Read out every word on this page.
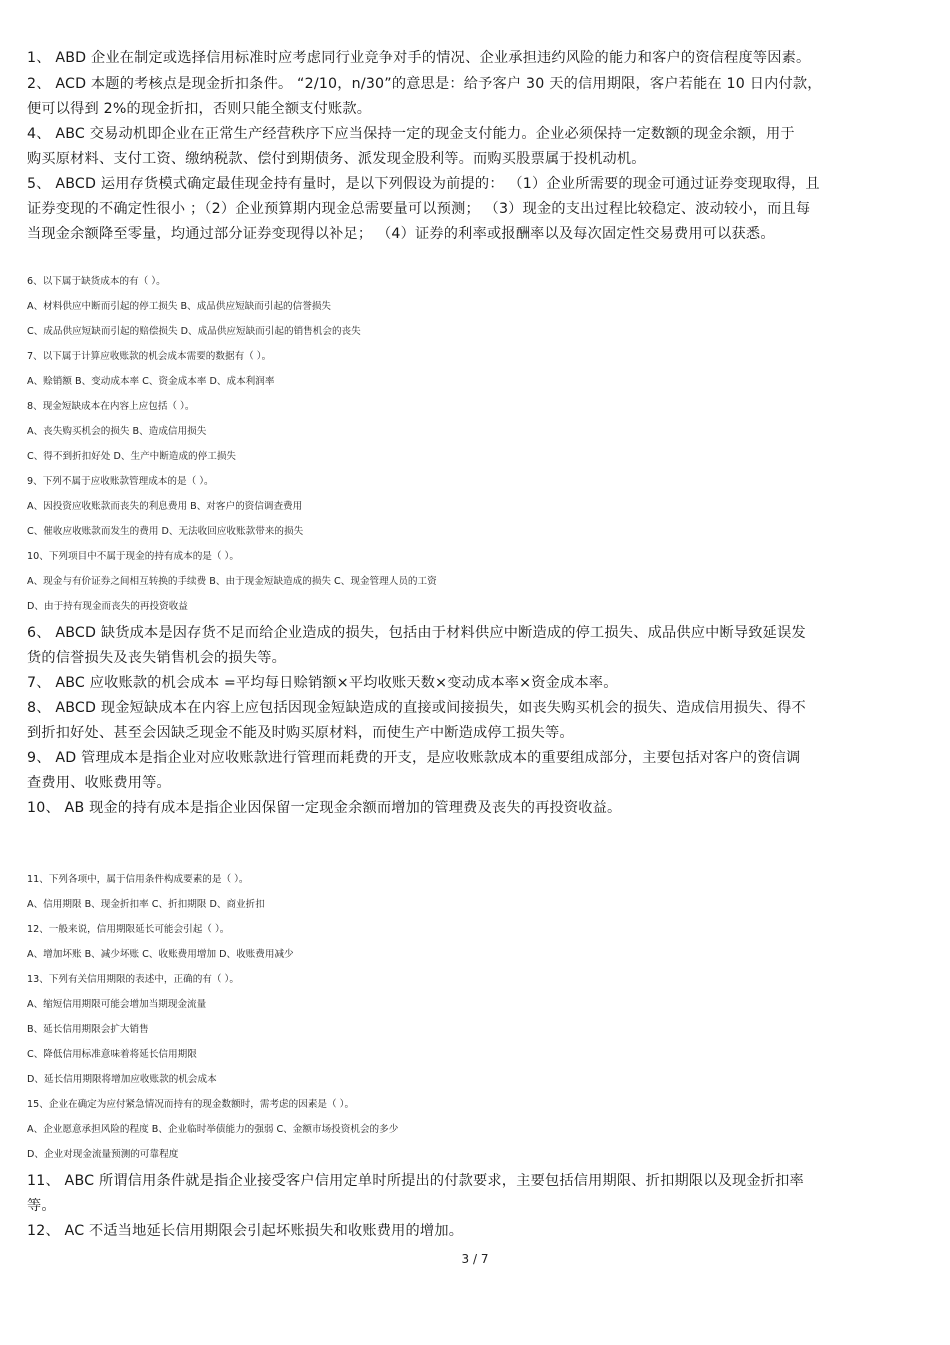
1、 ABD 企业在制定或选择信用标准时应考虑同行业竞争对手的情况、企业承担违约风险的能力和客户的资信程度等因素。
2、 ACD 本题的考核点是现金折扣条件。 “2/10，n/30”的意思是：给予客户 30 天的信用期限，客户若能在 10 日内付款，
便可以得到 2%的现金折扣，否则只能全额支付账款。
4、 ABC 交易动机即企业在正常生产经营秩序下应当保持一定的现金支付能力。企业必须保持一定数额的现金余额，用于
购买原材料、支付工资、缴纳税款、偿付到期债务、派发现金股利等。而购买股票属于投机动机。
5、 ABCD 运用存货模式确定最佳现金持有量时，是以下列假设为前提的： （1）企业所需要的现金可通过证券变现取得，且
证券变现的不确定性很小 ；（2）企业预算期内现金总需要量可以预测； （3）现金的支出过程比较稳定、波动较小，而且每
当现金余额降至零量，均通过部分证券变现得以补足； （4）证券的利率或报酬率以及每次固定性交易费用可以获悉。
6、以下属于缺货成本的有（ ）。
A、材料供应中断而引起的停工损失 B、成品供应短缺而引起的信誉损失
C、成品供应短缺而引起的赔偿损失 D、成品供应短缺而引起的销售机会的丧失
7、以下属于计算应收账款的机会成本需要的数据有（ ）。
A、赊销额 B、变动成本率 C、资金成本率 D、成本利润率
8、现金短缺成本在内容上应包括（ ）。
A、丧失购买机会的损失 B、造成信用损失
C、得不到折扣好处 D、生产中断造成的停工损失
9、下列不属于应收账款管理成本的是（ ）。
A、因投资应收账款而丧失的利息费用 B、对客户的资信调查费用
C、催收应收账款而发生的费用 D、无法收回应收账款带来的损失
10、下列项目中不属于现金的持有成本的是（ ）。
A、现金与有价证券之间相互转换的手续费 B、由于现金短缺造成的损失 C、现金管理人员的工资
D、由于持有现金而丧失的再投资收益
6、 ABCD 缺货成本是因存货不足而给企业造成的损失，包括由于材料供应中断造成的停工损失、成品供应中断导致延误发
货的信誉损失及丧失销售机会的损失等。
7、 ABC 应收账款的机会成本 =平均每日赊销额×平均收账天数×变动成本率×资金成本率。
8、 ABCD 现金短缺成本在内容上应包括因现金短缺造成的直接或间接损失，如丧失购买机会的损失、造成信用损失、得不
到折扣好处、甚至会因缺乏现金不能及时购买原材料，而使生产中断造成停工损失等。
9、 AD 管理成本是指企业对应收账款进行管理而耗费的开支，是应收账款成本的重要组成部分，主要包括对客户的资信调
查费用、收账费用等。
10、 AB 现金的持有成本是指企业因保留一定现金余额而增加的管理费及丧失的再投资收益。
11、下列各项中，属于信用条件构成要素的是（ ）。
A、信用期限 B、现金折扣率 C、折扣期限 D、商业折扣
12、一般来说，信用期限延长可能会引起（ ）。
A、增加坏账 B、减少坏账 C、收账费用增加 D、收账费用减少
13、下列有关信用期限的表述中，正确的有（ ）。
A、缩短信用期限可能会增加当期现金流量
B、延长信用期限会扩大销售
C、降低信用标准意味着将延长信用期限
D、延长信用期限将增加应收账款的机会成本
15、企业在确定为应付紧急情况而持有的现金数额时，需考虑的因素是（ ）。
A、企业愿意承担风险的程度 B、企业临时举债能力的强弱 C、金额市场投资机会的多少
D、企业对现金流量预测的可靠程度
11、 ABC 所谓信用条件就是指企业接受客户信用定单时所提出的付款要求，主要包括信用期限、折扣期限以及现金折扣率
等。
12、 AC 不适当地延长信用期限会引起坏账损失和收账费用的增加。
3 / 7
